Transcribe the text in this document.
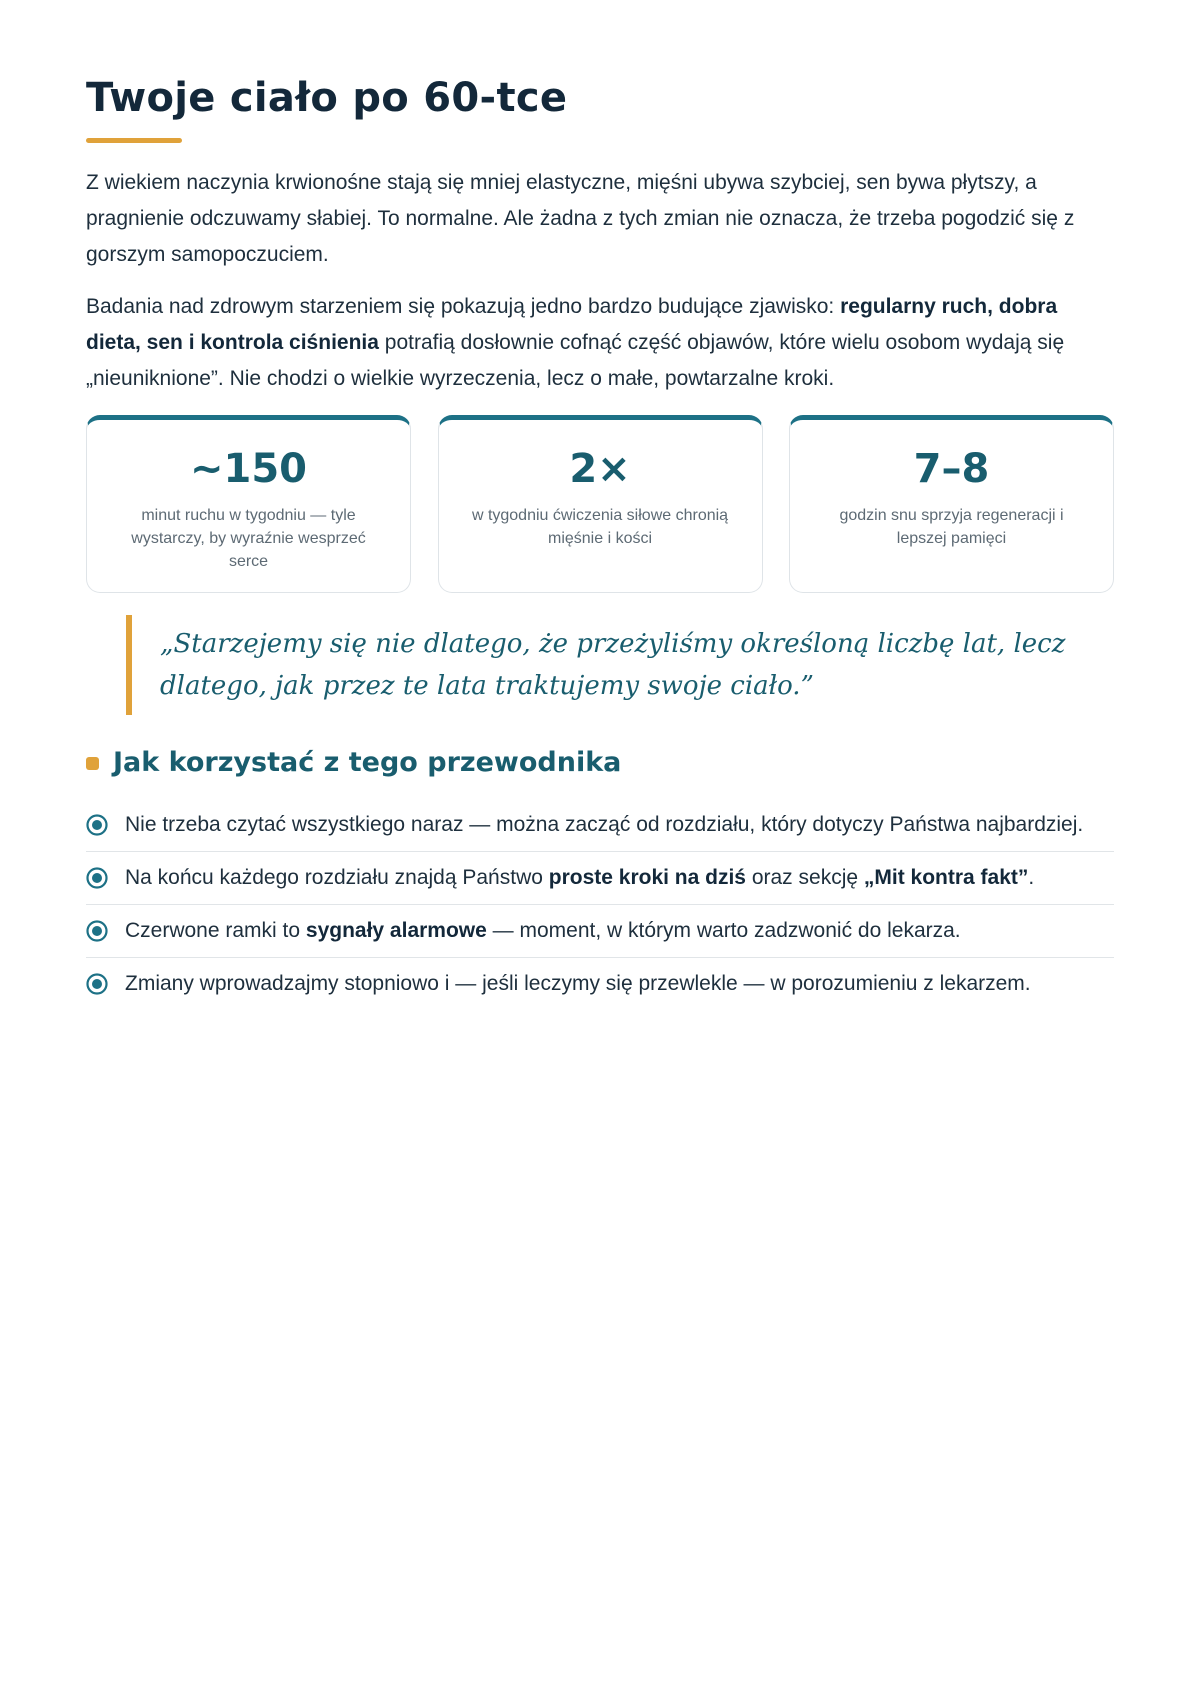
Twoje ciało po 60-tce

Z wiekiem naczynia krwionośne stają się mniej elastyczne, mięśni ubywa szybciej, sen bywa płytszy, a pragnienie odczuwamy słabiej. To normalne. Ale żadna z tych zmian nie oznacza, że trzeba pogodzić się z gorszym samopoczuciem.

Badania nad zdrowym starzeniem się pokazują jedno bardzo budujące zjawisko: regularny ruch, dobra dieta, sen i kontrola ciśnienia potrafią dosłownie cofnąć część objawów, które wielu osobom wydają się „nieuniknione”. Nie chodzi o wielkie wyrzeczenia, lecz o małe, powtarzalne kroki.

~150
minut ruchu w tygodniu — tyle wystarczy, by wyraźnie wesprzeć serce
2×
w tygodniu ćwiczenia siłowe chronią mięśnie i kości
7–8
godzin snu sprzyja regeneracji i lepszej pamięci
„Starzejemy się nie dlatego, że przeżyliśmy określoną liczbę lat, lecz dlatego, jak przez te lata traktujemy swoje ciało.”
Jak korzystać z tego przewodnika
Nie trzeba czytać wszystkiego naraz — można zacząć od rozdziału, który dotyczy Państwa najbardziej.
Na końcu każdego rozdziału znajdą Państwo proste kroki na dziś oraz sekcję „Mit kontra fakt”.
Czerwone ramki to sygnały alarmowe — moment, w którym warto zadzwonić do lekarza.
Zmiany wprowadzajmy stopniowo i — jeśli leczymy się przewlekle — w porozumieniu z lekarzem.
